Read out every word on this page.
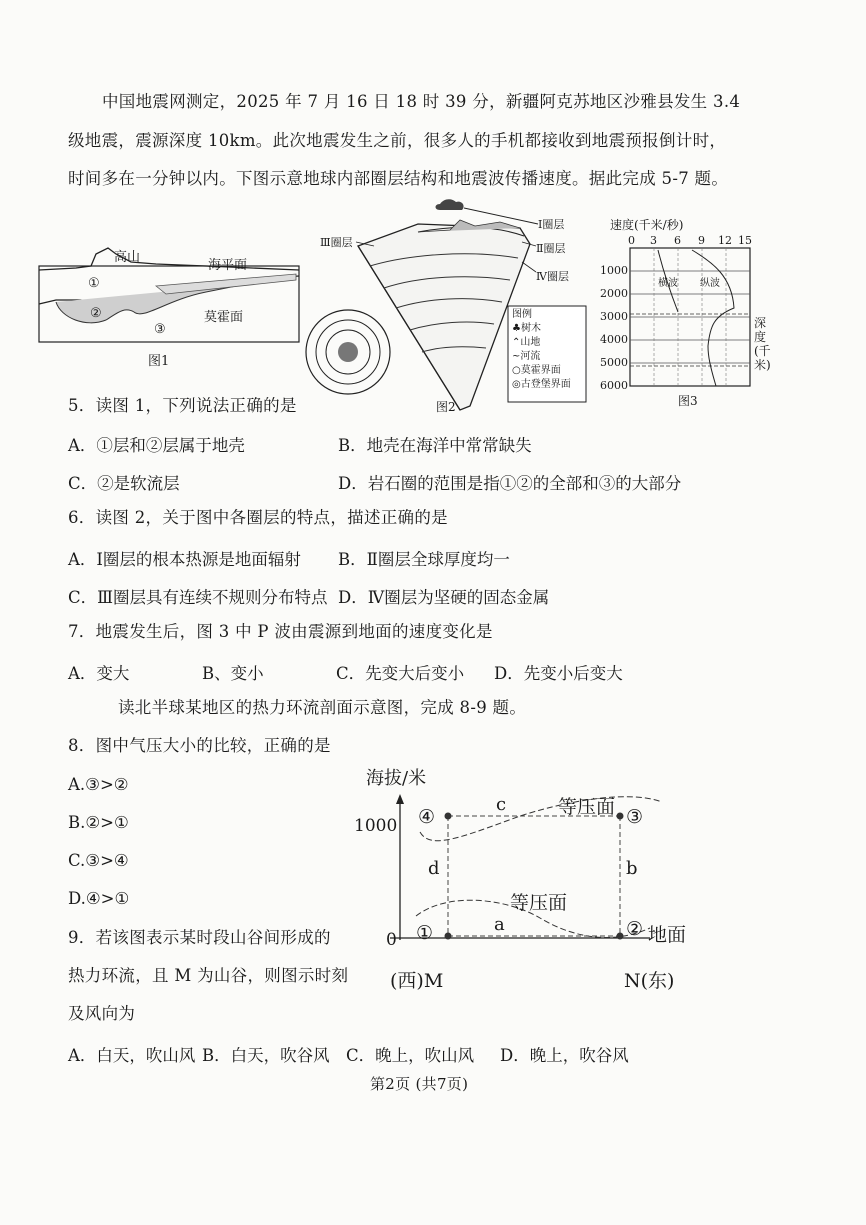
中国地震网测定，2025 年 7 月 16 日 18 时 39 分，新疆阿克苏地区沙雅县发生 3.4
级地震，震源深度 10km。此次地震发生之前，很多人的手机都接收到地震预报倒计时，
时间多在一分钟以内。下图示意地球内部圈层结构和地震波传播速度。据此完成 5-7 题。
高山
海平面
莫霍面
①
②
③
图1
Ⅰ圈层
Ⅱ圈层
Ⅲ圈层
Ⅳ圈层
图例
♣树木
⌃山地
~河流
○莫霍界面
◎古登堡界面
图2
速度(千米/秒)
0 3 6 9 12 15
1000
2000
3000
4000
5000
6000
横波 纵波
深度(千米)
图3
5．读图 1，下列说法正确的是
A．①层和②层属于地壳	B．地壳在海洋中常常缺失
C．②是软流层	D．岩石圈的范围是指①②的全部和③的大部分
6．读图 2，关于图中各圈层的特点，描述正确的是
A．Ⅰ圈层的根本热源是地面辐射 B．Ⅱ圈层全球厚度均一
C．Ⅲ圈层具有连续不规则分布特点 D．Ⅳ圈层为坚硬的固态金属
7．地震发生后，图 3 中 P 波由震源到地面的速度变化是
A．变大	B、变小	C．先变大后变小 D．先变小后变大
读北半球某地区的热力环流剖面示意图，完成 8-9 题。
8．图中气压大小的比较，正确的是
A.③>②
B.②>①
C.③>④
D.④>①
9．若该图表示某时段山谷间形成的
热力环流，且 M 为山谷，则图示时刻
及风向为
A．白天，吹山风 B．白天，吹谷风 C．晚上，吹山风 D．晚上，吹谷风
海拔/米
1000
0
等压面
等压面
地面
(西)M	N(东)
④	③
①	②
c
d	b
a
第2页 (共7页)
